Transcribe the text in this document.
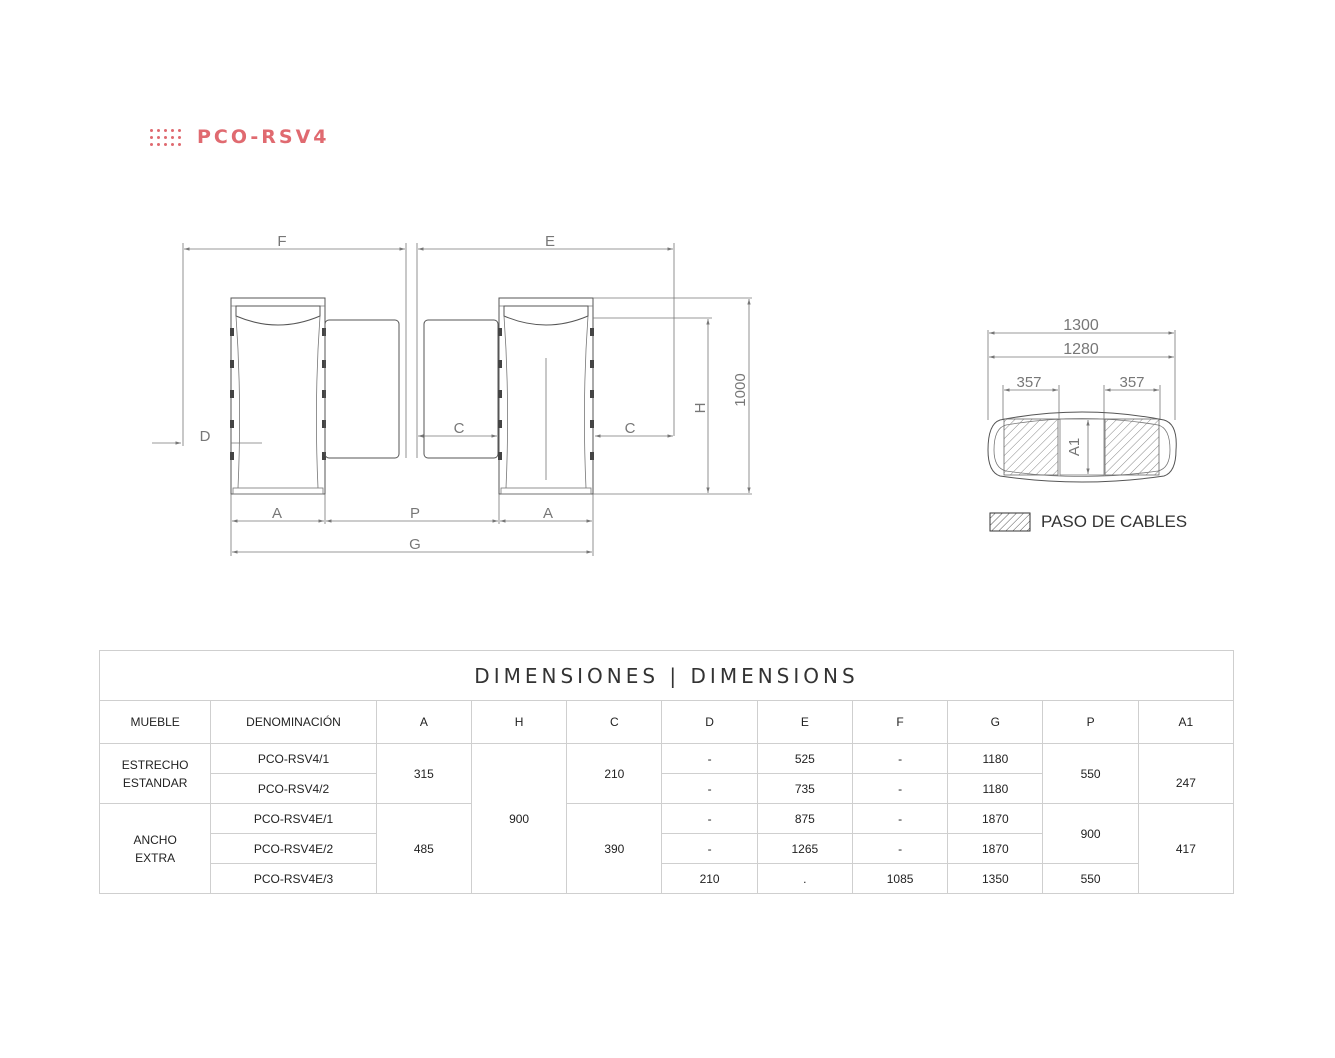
PCO-RSV4
F	E
D	C	C
H
1000
A	P	A
G
1300
1280
357	357
A1
PASO DE CABLES
DIMENSIONES | DIMENSIONS										
MUEBLE	DENOMINACIÓN	A	H	C	D	E	F	G	P	A1
ESTRECHO
ESTANDAR	PCO-RSV4/1	315	900	210	-	525	-	1180	550	247
	PCO-RSV4/2				-	735	-	1180		
ANCHO
EXTRA	PCO-RSV4E/1	485		390	-	875	-	1870	900	417
	PCO-RSV4E/2				-	1265	-	1870		
	PCO-RSV4E/3				210	.	1085	1350	550	
